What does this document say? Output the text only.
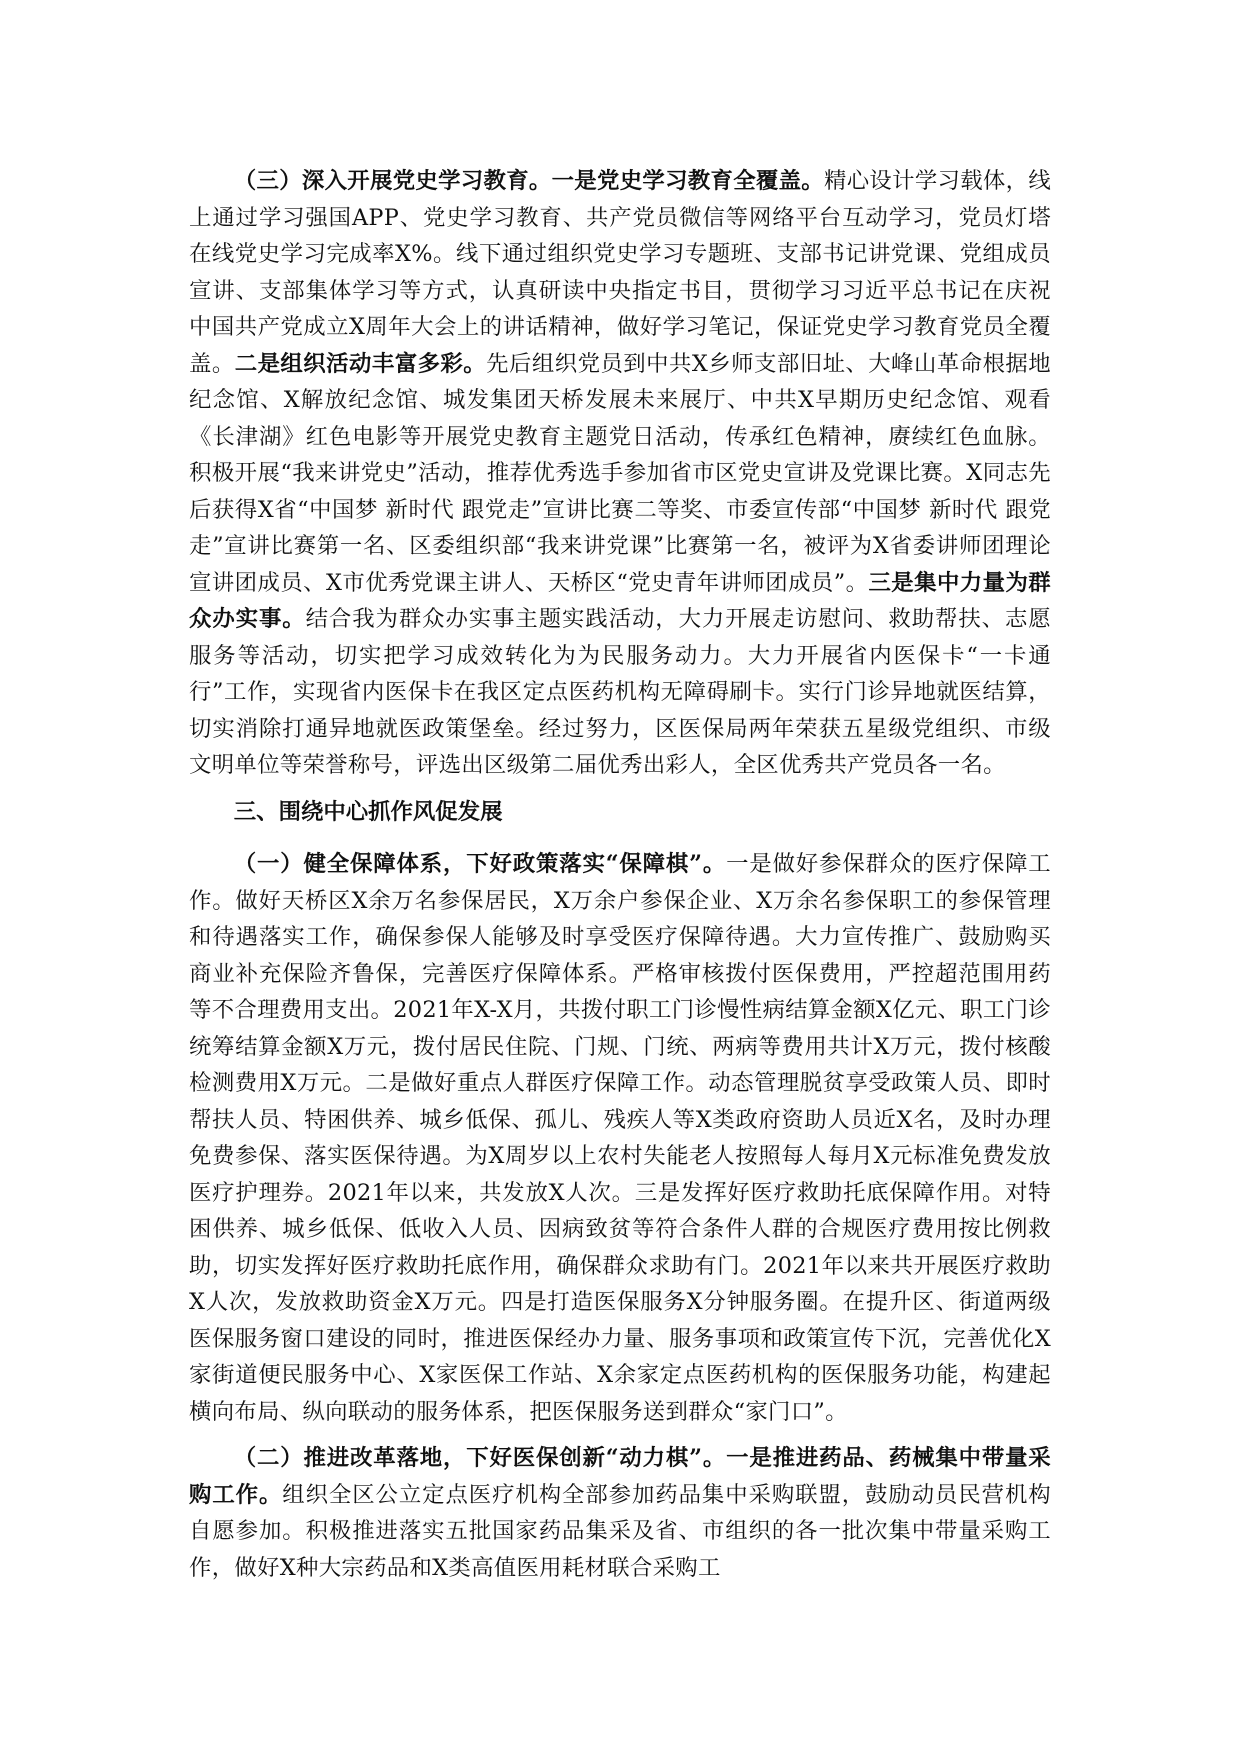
（三）深入开展党史学习教育。一是党史学习教育全覆盖。精心设计学习载体，线上通过学习强国APP、党史学习教育、共产党员微信等网络平台互动学习，党员灯塔在线党史学习完成率X%。线下通过组织党史学习专题班、支部书记讲党课、党组成员宣讲、支部集体学习等方式，认真研读中央指定书目，贯彻学习习近平总书记在庆祝中国共产党成立X周年大会上的讲话精神，做好学习笔记，保证党史学习教育党员全覆盖。二是组织活动丰富多彩。先后组织党员到中共X乡师支部旧址、大峰山革命根据地纪念馆、X解放纪念馆、城发集团天桥发展未来展厅、中共X早期历史纪念馆、观看《长津湖》红色电影等开展党史教育主题党日活动，传承红色精神，赓续红色血脉。积极开展“我来讲党史”活动，推荐优秀选手参加省市区党史宣讲及党课比赛。X同志先后获得X省“中国梦 新时代 跟党走”宣讲比赛二等奖、市委宣传部“中国梦 新时代 跟党走”宣讲比赛第一名、区委组织部“我来讲党课”比赛第一名，被评为X省委讲师团理论宣讲团成员、X市优秀党课主讲人、天桥区“党史青年讲师团成员”。三是集中力量为群众办实事。结合我为群众办实事主题实践活动，大力开展走访慰问、救助帮扶、志愿服务等活动，切实把学习成效转化为为民服务动力。大力开展省内医保卡“一卡通行”工作，实现省内医保卡在我区定点医药机构无障碍刷卡。实行门诊异地就医结算，切实消除打通异地就医政策堡垒。经过努力，区医保局两年荣获五星级党组织、市级文明单位等荣誉称号，评选出区级第二届优秀出彩人，全区优秀共产党员各一名。

三、围绕中心抓作风促发展

（一）健全保障体系，下好政策落实“保障棋”。一是做好参保群众的医疗保障工作。做好天桥区X余万名参保居民，X万余户参保企业、X万余名参保职工的参保管理和待遇落实工作，确保参保人能够及时享受医疗保障待遇。大力宣传推广、鼓励购买商业补充保险齐鲁保，完善医疗保障体系。严格审核拨付医保费用，严控超范围用药等不合理费用支出。2021年X-X月，共拨付职工门诊慢性病结算金额X亿元、职工门诊统筹结算金额X万元，拨付居民住院、门规、门统、两病等费用共计X万元，拨付核酸检测费用X万元。二是做好重点人群医疗保障工作。动态管理脱贫享受政策人员、即时帮扶人员、特困供养、城乡低保、孤儿、残疾人等X类政府资助人员近X名，及时办理免费参保、落实医保待遇。为X周岁以上农村失能老人按照每人每月X元标准免费发放医疗护理券。2021年以来，共发放X人次。三是发挥好医疗救助托底保障作用。对特困供养、城乡低保、低收入人员、因病致贫等符合条件人群的合规医疗费用按比例救助，切实发挥好医疗救助托底作用，确保群众求助有门。2021年以来共开展医疗救助X人次，发放救助资金X万元。四是打造医保服务X分钟服务圈。在提升区、街道两级医保服务窗口建设的同时，推进医保经办力量、服务事项和政策宣传下沉，完善优化X家街道便民服务中心、X家医保工作站、X余家定点医药机构的医保服务功能，构建起横向布局、纵向联动的服务体系，把医保服务送到群众“家门口”。

（二）推进改革落地，下好医保创新“动力棋”。一是推进药品、药械集中带量采购工作。组织全区公立定点医疗机构全部参加药品集中采购联盟，鼓励动员民营机构自愿参加。积极推进落实五批国家药品集采及省、市组织的各一批次集中带量采购工作，做好X种大宗药品和X类高值医用耗材联合采购工
